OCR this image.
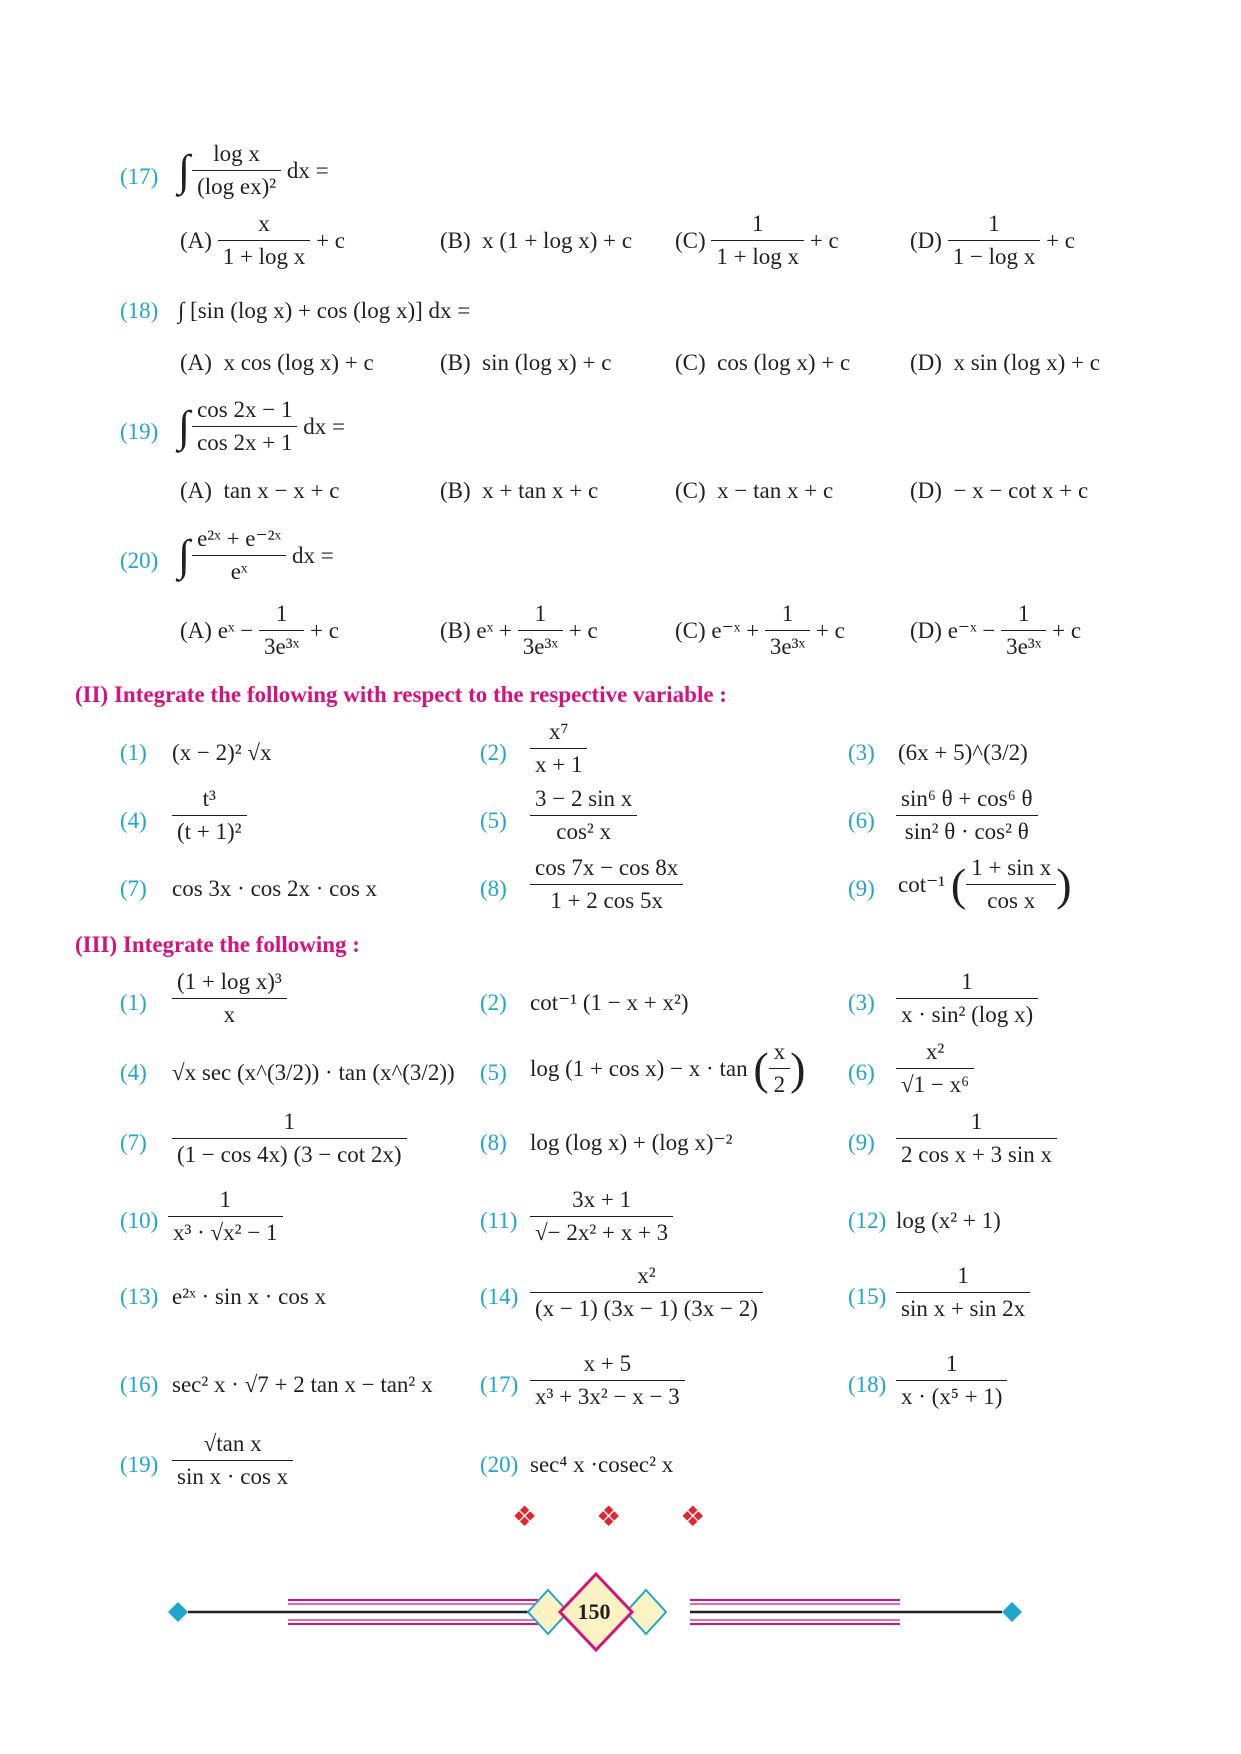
(17) ∫ $\frac{\text{log x}}{\text{(log ex)²}}$ dx =
$(A) \frac{x}{\text{1 + log x}} + c$	(B) x (1 + log x) + c $(C) \frac{1}{\text{1 + log x}} + c$	$(D) \frac{1}{\text{1 − log x}} + c$
(18) ∫ [sin (log x) + cos (log x)] dx =
(A) x cos (log x) + c	(B) sin (log x) + c	(C) cos (log x) + c	(D) x sin (log x) + c
(19) ∫ $\frac{\cos 2x - 1}{\cos 2x + 1}$ dx =
(A) tan x − x + c	(B) x + tan x + c	(C) x − tan x + c	(D) − x − cot x + c
(20) ∫ $\frac{\text{e²ˣ + e⁻²ˣ}}{\text{eˣ}}$ dx =
(A) eˣ − $\frac{1}{\text{3e³ˣ}} + c$	(B) eˣ + $\frac{1}{\text{3e³ˣ}} + c$	(C) e⁻ˣ + $\frac{1}{\text{3e³ˣ}} + c$	(D) e⁻ˣ − $\frac{1}{\text{3e³ˣ}} + c$
(II) Integrate the following with respect to the respective variable :
(1) (x − 2)² √x	$(2) \frac{\text{x⁷}}{x + 1}$	(3) (6x + 5)^(3/2)
$(4) \frac{\text{t³}}{\text{(t + 1)²}}$	$(5) \frac{\text{3 − 2 sin x}}{\text{cos² x}}$	$(6) \frac{\text{sin⁶ θ + cos⁶ θ}}{\text{sin² θ · cos² θ}}$
(7) cos 3x · cos 2x · cos x	$(8) \frac{\cos 7x - \cos 8x}{1 + 2 \cos 5x}$	(9) cot⁻¹ ( $\frac{\text{1 + sin x}}{\text{cos x}}$ )
(III) Integrate the following :
$(1) \frac{\text{(1 + log x)³}}{x}$	(2) cot⁻¹ (1 − x + x²)	$(3) \frac{1}{\text{x · sin² (log x)}}$
(4) √x sec (x^(3/2)) · tan (x^(3/2)) (5) log (1 + cos x) − x · tan ( $\frac{x}{2}$ ) $(6) \frac{\text{x²}}{\text{√1 − x⁶}}$
$(7) \frac{1}{(1 - \cos 4x) (3 - \cot 2x)}$	(8) log (log x) + (log x)⁻²	$(9) \frac{1}{\text{2 cos x + 3 sin x}}$
$(10) \frac{1}{\text{x³ · √x² − 1}}$	$(11) \frac{3x + 1}{\text{√− 2x² + x + 3}}$	(12) log (x² + 1)
(13) e²ˣ · sin x · cos x	$(14) \frac{\text{x²}}{(x - 1) (3x - 1) (3x - 2)}$	$(15) \frac{1}{\text{sin x + sin 2x}}$
(16) sec² x · √7 + 2 tan x − tan² x $(17) \frac{x + 5}{\text{x³ + 3x² − x − 3}}$	$(18) \frac{1}{\text{x · (x⁵ + 1)}}$
$(19) \frac{\text{√tan x}}{\text{sin x · cos x}}$	(20) sec⁴ x ·cosec² x
❖ ❖ ❖
150
